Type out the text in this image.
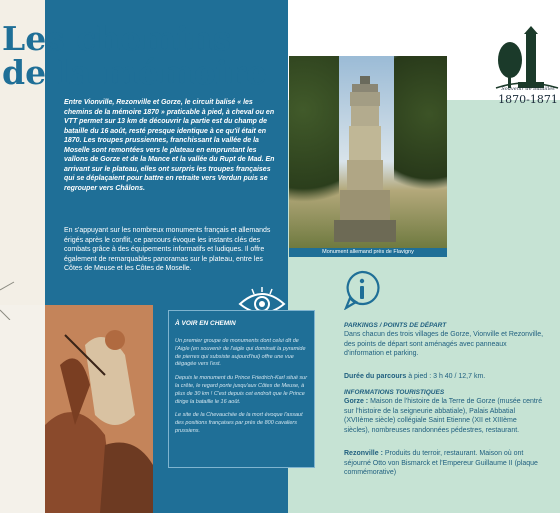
Les chemins
de la mémoire

Entre Vionville, Rezonville et Gorze, le circuit balisé « les chemins de la mémoire 1870 » praticable à pied, à cheval ou en VTT permet sur 13 km de découvrir la partie est du champ de bataille du 16 août, resté presque identique à ce qu'il était en 1870. Les troupes prussiennes, franchissant la vallée de la Moselle sont remontées vers le plateau en empruntant les vallons de Gorze et de la Mance et la vallée du Rupt de Mad. En arrivant sur le plateau, elles ont surpris les troupes françaises qui se déplaçaient pour battre en retraite vers Verdun puis se regrouper vers Châlons.

En s'appuyant sur les nombreux monuments français et allemands érigés après le conflit, ce parcours évoque les instants clés des combats grâce à des équipements informatifs et ludiques. Il offre également de remarquables panoramas sur le plateau, entre les Côtes de Meuse et les Côtes de Moselle.

Monument allemand près de Flavigny
Souvenir de batailles
1870-1871
PARKINGS / POINTS DE DÉPART

Dans chacun des trois villages de Gorze, Vionville et Rezonville, des points de départ sont aménagés avec panneaux d'information et parking.

Durée du parcours à pied : 3 h 40 / 12,7 km.

INFORMATIONS TOURISTIQUES

Gorze : Maison de l'histoire de la Terre de Gorze (musée centré sur l'histoire de la seigneurie abbatiale), Palais Abbatial (XVIIème siècle) collégiale Saint Etienne (XII et XIIIème siècles), nombreuses randonnées pédestres, restaurant.

Rezonville : Produits du terroir, restaurant. Maison où ont séjourné Otto von Bismarck et l'Empereur Guillaume II (plaque commémorative)

À VOIR EN CHEMIN

Un premier groupe de monuments dont celui dit de l'Aigle (en souvenir de l'aigle qui dominait la pyramide de pierres qui subsiste aujourd'hui) offre une vue dégagée vers l'est.

Depuis le monument du Prince Friedrich-Karl situé sur la crête, le regard porte jusqu'aux Côtes de Meuse, à plus de 30 km ! C'est depuis cet endroit que le Prince dirige la bataille le 16 août.

Le site de la Chevauchée de la mort évoque l'assaut des positions françaises par près de 800 cavaliers prussiens.
